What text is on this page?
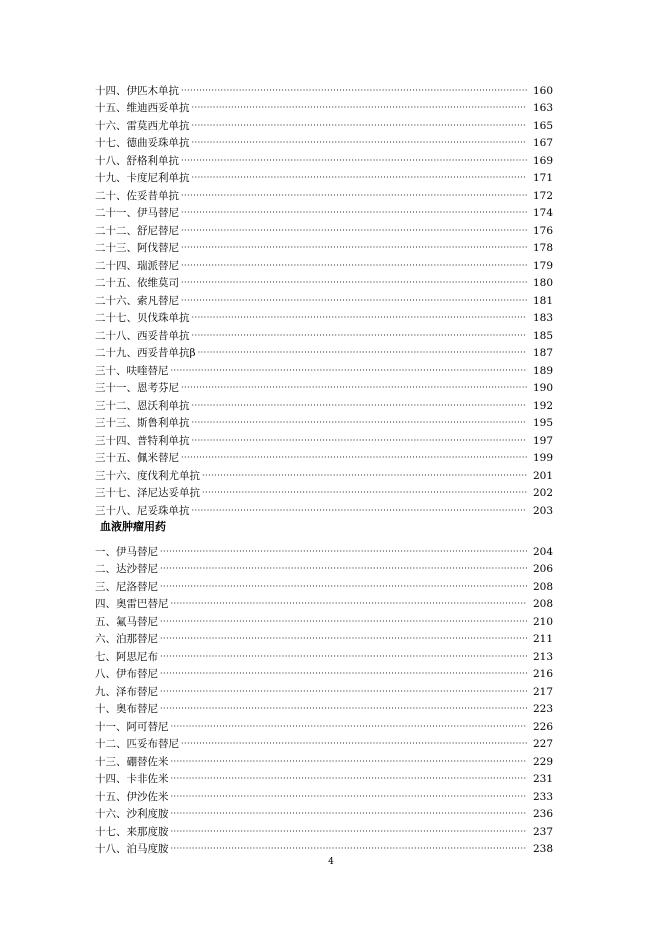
十四、伊匹木单抗 ·····	160
十五、维迪西妥单抗 ·····	163
十六、雷莫西尤单抗 ·····	165
十七、德曲妥珠单抗 ·····	167
十八、舒格利单抗 ·····	169
十九、卡度尼利单抗 ·····	171
二十、佐妥昔单抗 ·····	172
二十一、伊马替尼 ·····	174
二十二、舒尼替尼 ·····	176
二十三、阿伐替尼 ·····	178
二十四、瑞派替尼 ·····	179
二十五、依维莫司 ·····	180
二十六、索凡替尼 ·····	181
二十七、贝伐珠单抗 ·····	183
二十八、西妥昔单抗 ·····	185
二十九、西妥昔单抗β ·····	187
三十、呋喹替尼 ·····	189
三十一、恩考芬尼 ·····	190
三十二、恩沃利单抗 ·····	192
三十三、斯鲁利单抗 ·····	195
三十四、普特利单抗 ·····	197
三十五、佩米替尼 ·····	199
三十六、度伐利尤单抗 ·····	201
三十七、泽尼达妥单抗 ·····	202
三十八、尼妥珠单抗 ·····	203
血液肿瘤用药
一、伊马替尼 ·····	204
二、达沙替尼 ·····	206
三、尼洛替尼 ·····	208
四、奥雷巴替尼 ·····	208
五、氟马替尼 ·····	210
六、泊那替尼 ·····	211
七、阿思尼布 ·····	213
八、伊布替尼 ·····	216
九、泽布替尼 ·····	217
十、奥布替尼 ·····	223
十一、阿可替尼 ·····	226
十二、匹妥布替尼 ·····	227
十三、硼替佐米 ·····	229
十四、卡非佐米 ·····	231
十五、伊沙佐米 ·····	233
十六、沙利度胺 ·····	236
十七、来那度胺 ·····	237
十八、泊马度胺 ·····	238
4
